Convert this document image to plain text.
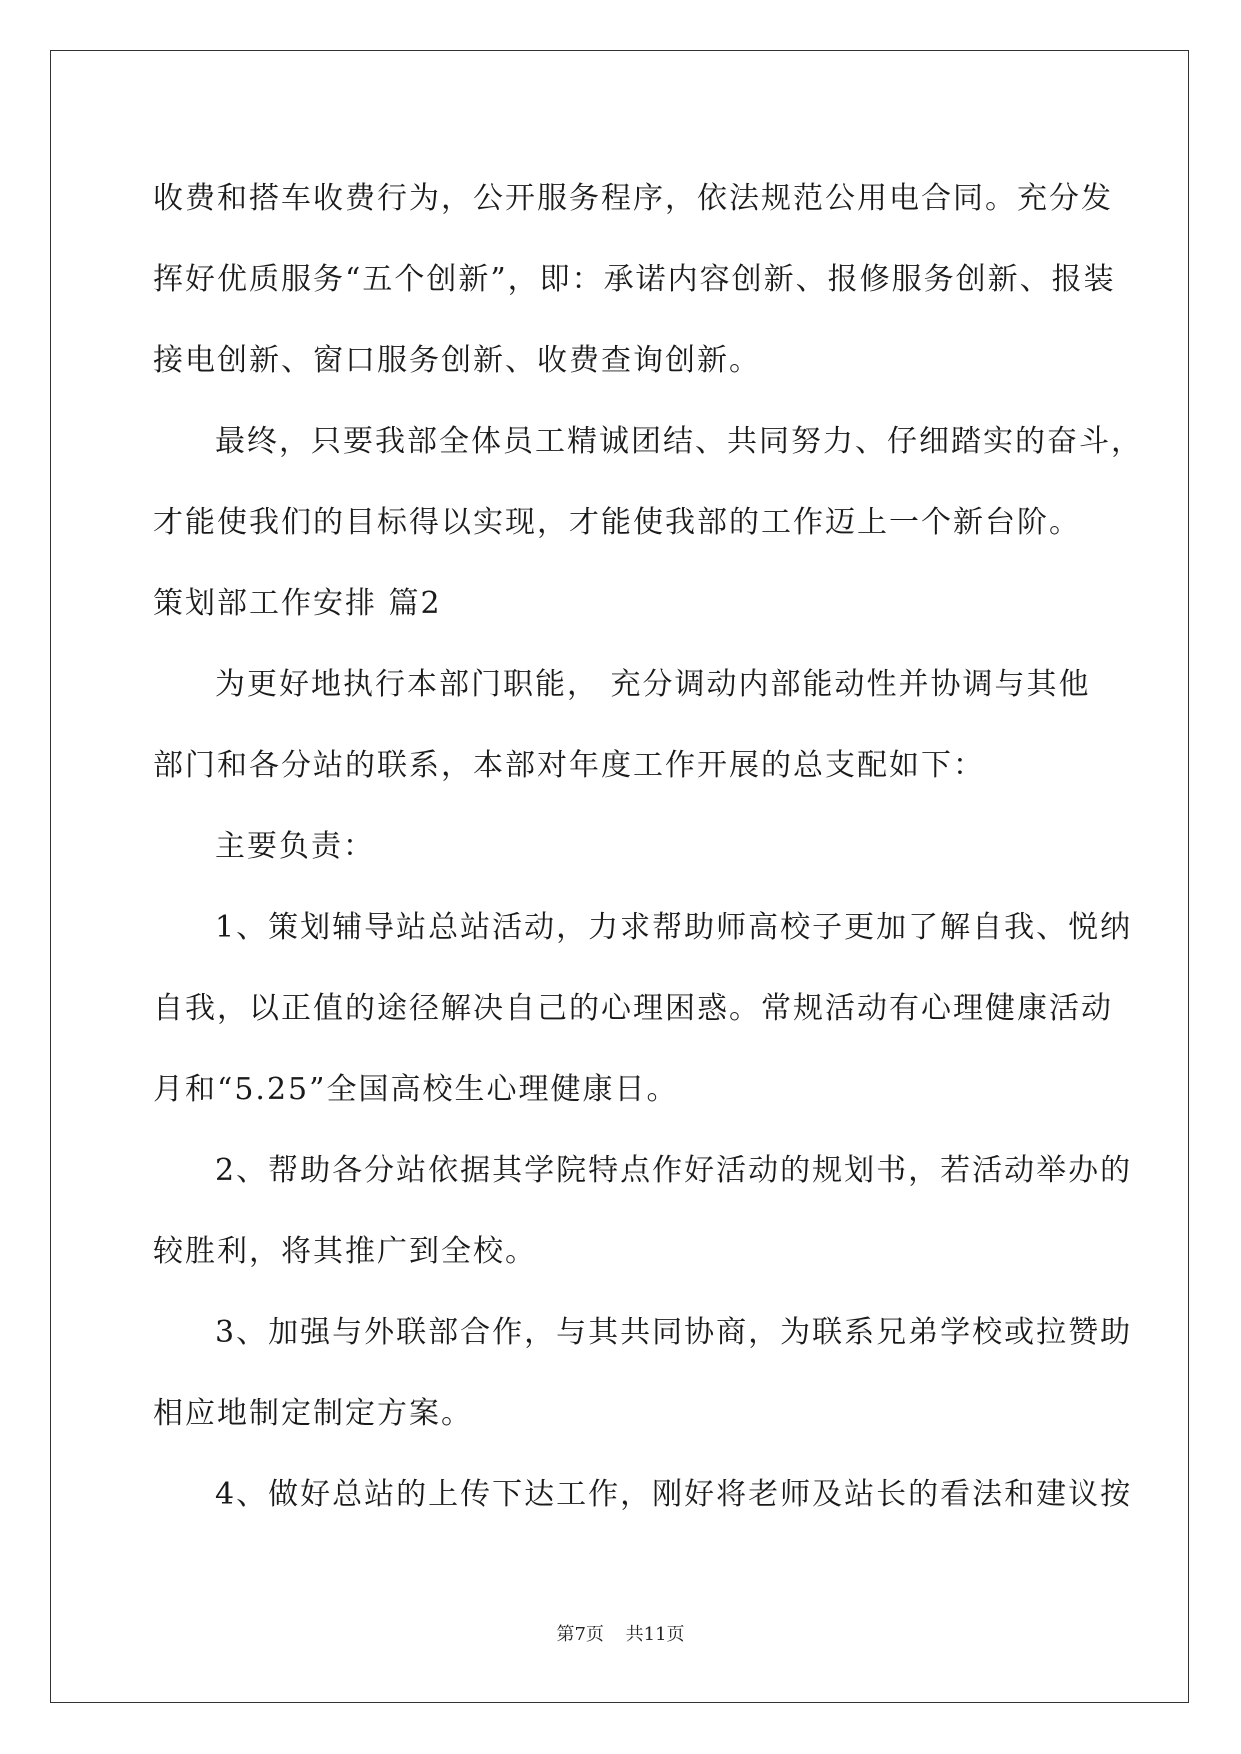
收费和搭车收费行为，公开服务程序，依法规范公用电合同。充分发

挥好优质服务“五个创新”，即：承诺内容创新、报修服务创新、报装

接电创新、窗口服务创新、收费查询创新。

最终，只要我部全体员工精诚团结、共同努力、仔细踏实的奋斗，

才能使我们的目标得以实现，才能使我部的工作迈上一个新台阶。

策划部工作安排 篇2

为更好地执行本部门职能， 充分调动内部能动性并协调与其他

部门和各分站的联系，本部对年度工作开展的总支配如下：

主要负责：

1、策划辅导站总站活动，力求帮助师高校子更加了解自我、悦纳

自我，以正值的途径解决自己的心理困惑。常规活动有心理健康活动

月和“5.25”全国高校生心理健康日。

2、帮助各分站依据其学院特点作好活动的规划书，若活动举办的

较胜利，将其推广到全校。

3、加强与外联部合作，与其共同协商，为联系兄弟学校或拉赞助

相应地制定制定方案。

4、做好总站的上传下达工作，刚好将老师及站长的看法和建议按

第7页 共11页
